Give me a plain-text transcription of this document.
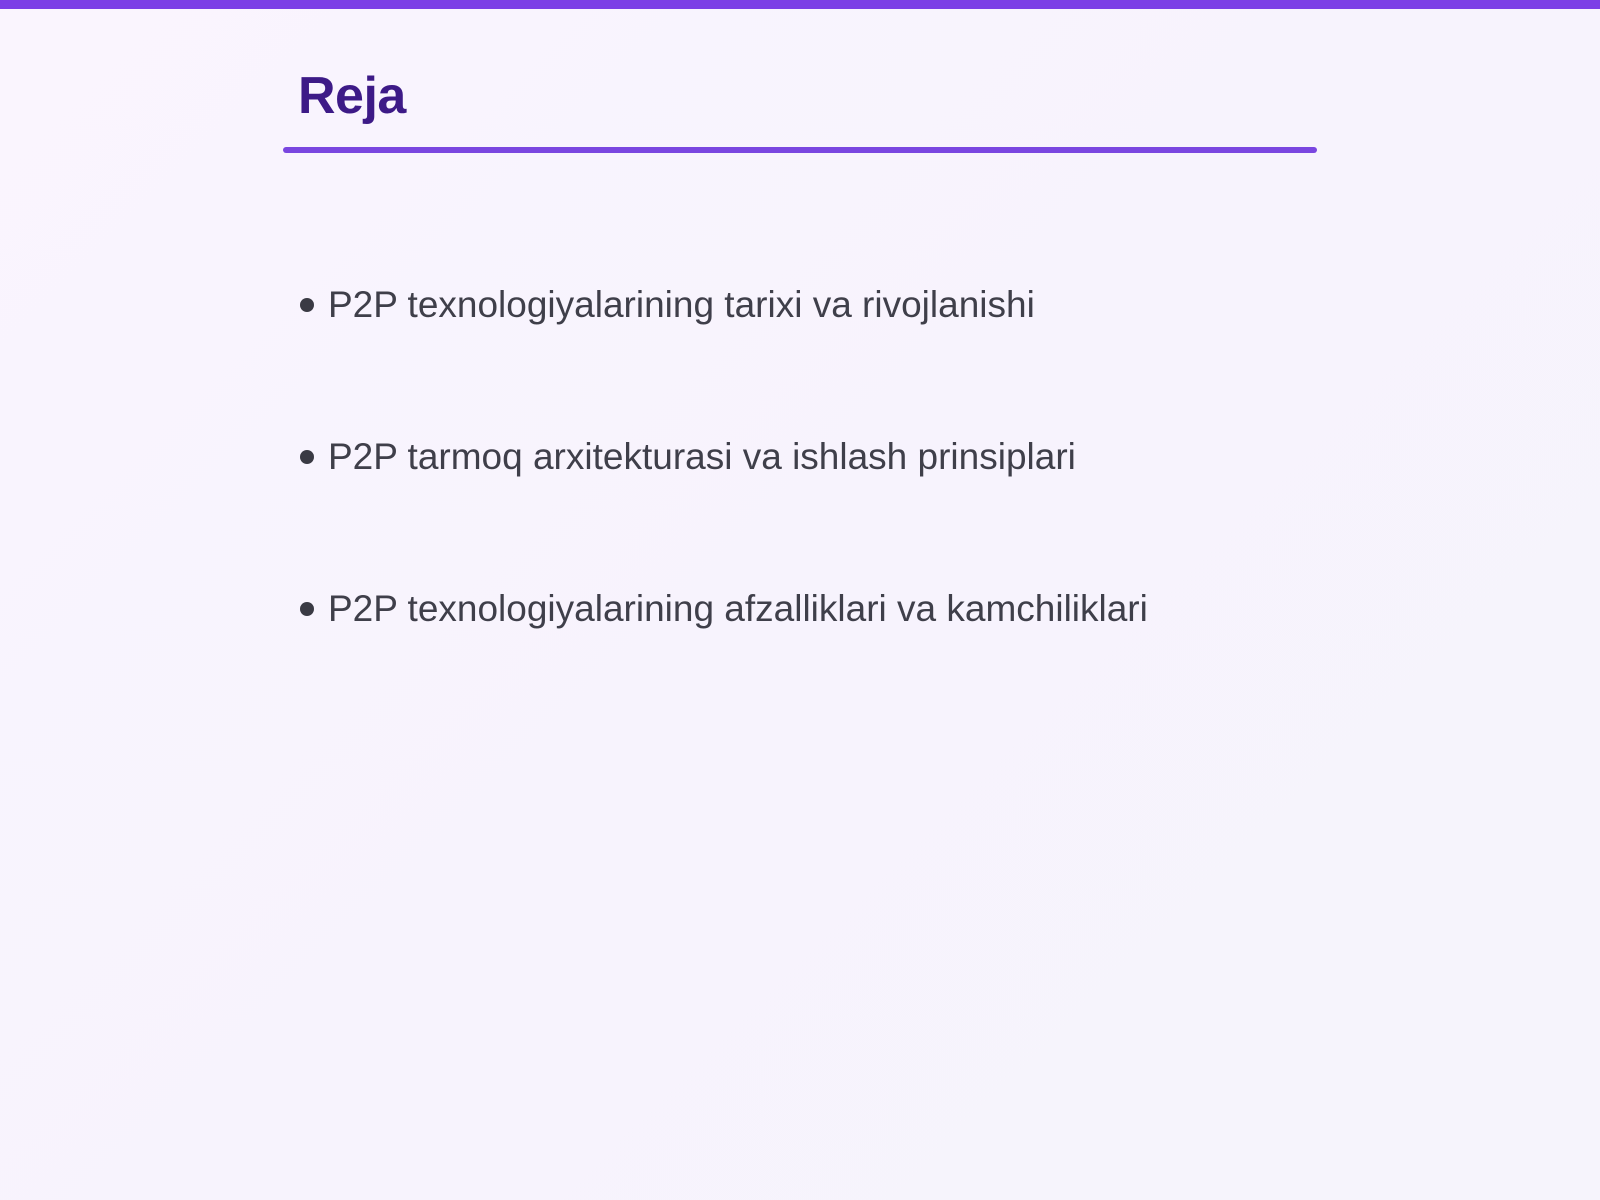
Reja
P2P texnologiyalarining tarixi va rivojlanishi
P2P tarmoq arxitekturasi va ishlash prinsiplari
P2P texnologiyalarining afzalliklari va kamchiliklari
